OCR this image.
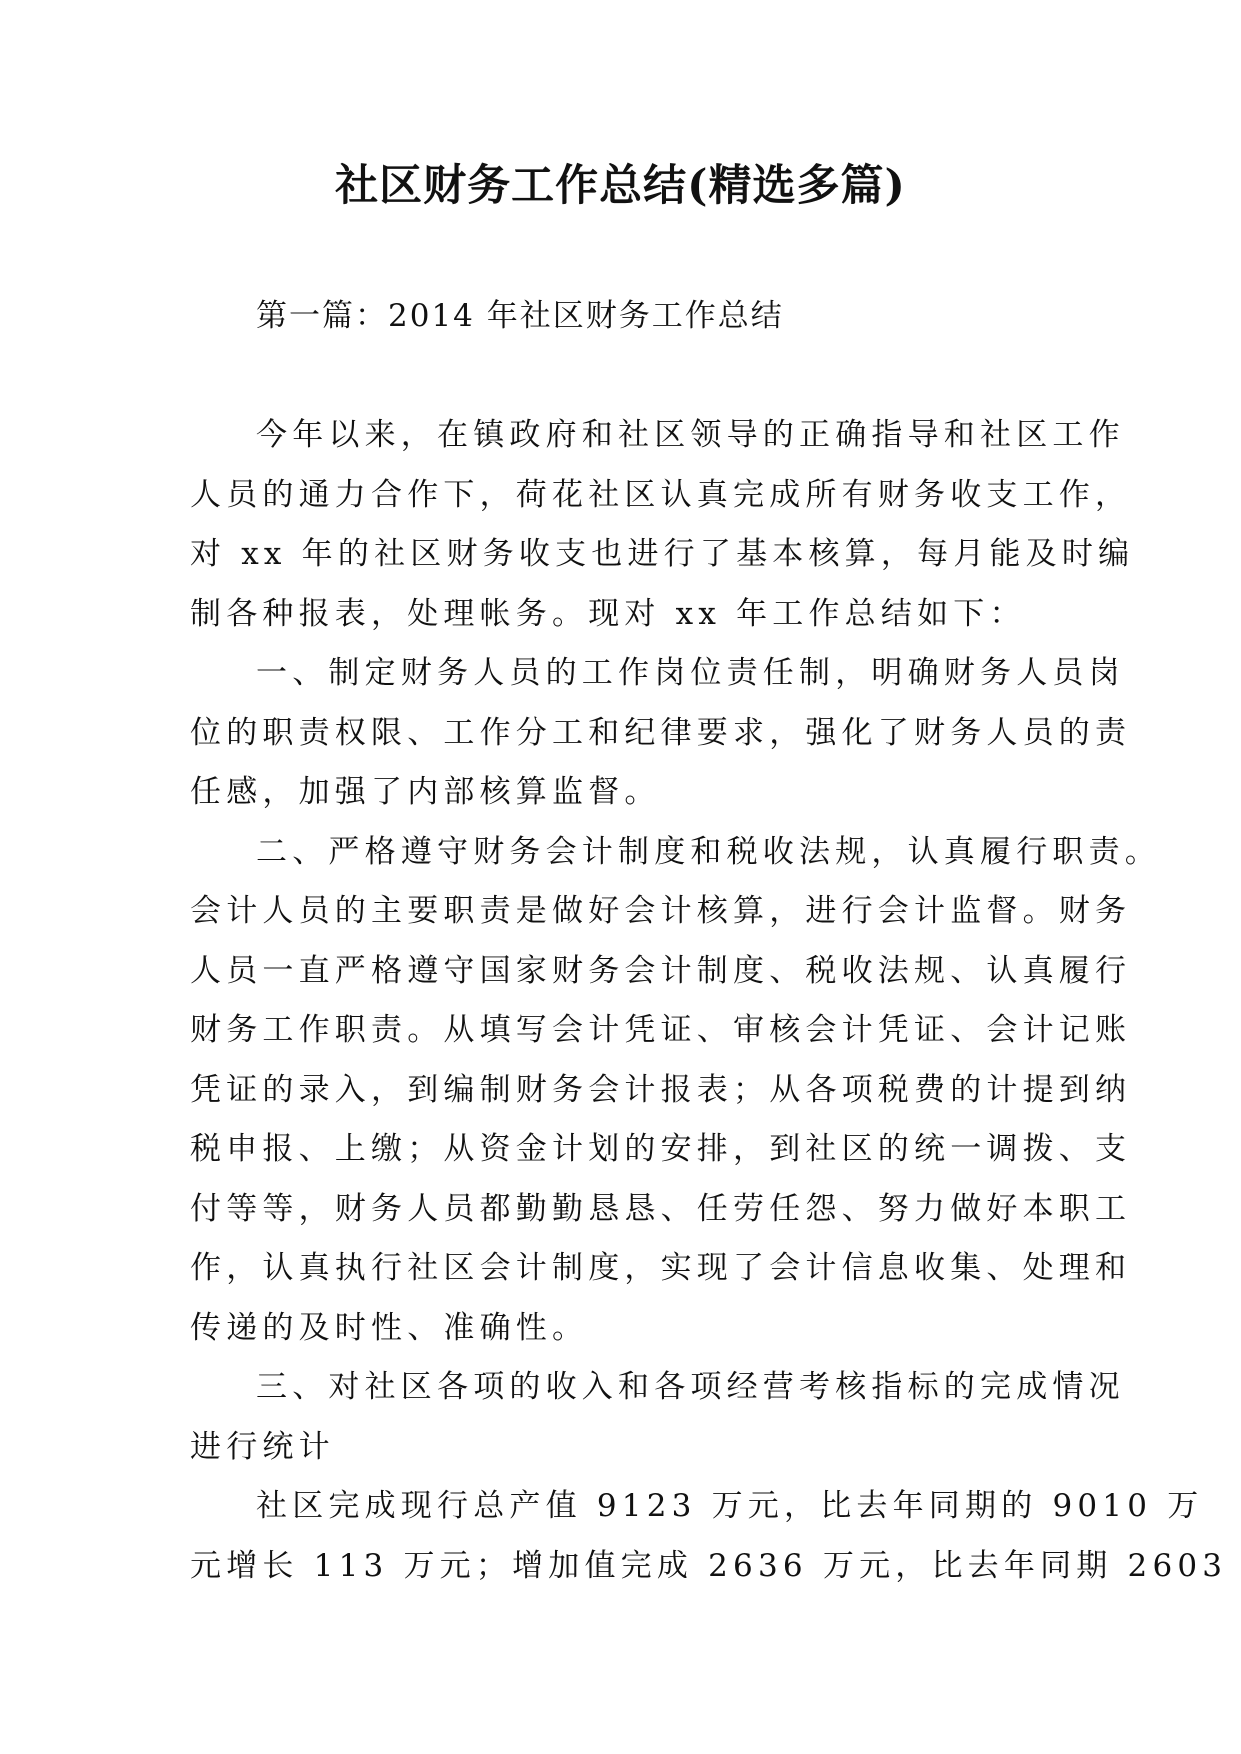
社区财务工作总结(精选多篇)
第一篇：2014 年社区财务工作总结
今年以来，在镇政府和社区领导的正确指导和社区工作
人员的通力合作下，荷花社区认真完成所有财务收支工作，
对 xx 年的社区财务收支也进行了基本核算，每月能及时编
制各种报表，处理帐务。现对 xx 年工作总结如下：
一、制定财务人员的工作岗位责任制，明确财务人员岗
位的职责权限、工作分工和纪律要求，强化了财务人员的责
任感，加强了内部核算监督。
二、严格遵守财务会计制度和税收法规，认真履行职责。
会计人员的主要职责是做好会计核算，进行会计监督。财务
人员一直严格遵守国家财务会计制度、税收法规、认真履行
财务工作职责。从填写会计凭证、审核会计凭证、会计记账
凭证的录入，到编制财务会计报表；从各项税费的计提到纳
税申报、上缴；从资金计划的安排，到社区的统一调拨、支
付等等，财务人员都勤勤恳恳、任劳任怨、努力做好本职工
作，认真执行社区会计制度，实现了会计信息收集、处理和
传递的及时性、准确性。
三、对社区各项的收入和各项经营考核指标的完成情况
进行统计
社区完成现行总产值 9123 万元，比去年同期的 9010 万
元增长 113 万元；增加值完成 2636 万元，比去年同期 2603
